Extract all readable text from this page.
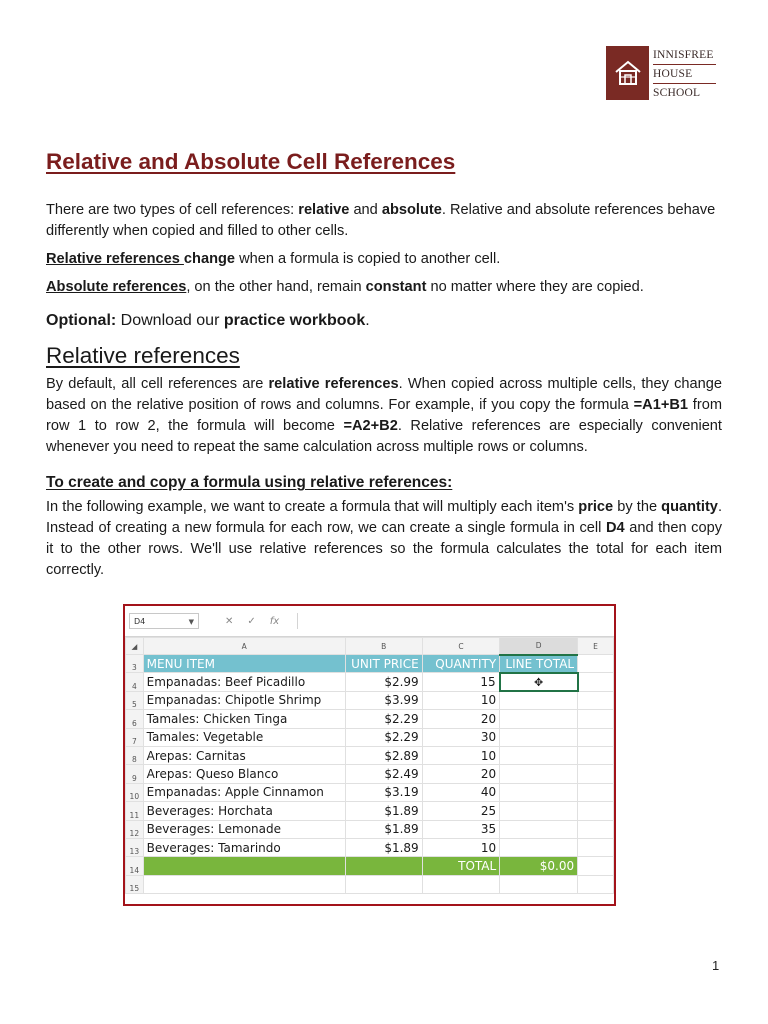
INNISFREE
HOUSE
SCHOOL
Relative and Absolute Cell References

There are two types of cell references: relative and absolute. Relative and absolute references behave differently when copied and filled to other cells.

Relative references change when a formula is copied to another cell.

Absolute references, on the other hand, remain constant no matter where they are copied.

Optional: Download our practice workbook.

Relative references

By default, all cell references are relative references. When copied across multiple cells, they change based on the relative position of rows and columns. For example, if you copy the formula =A1+B1 from row 1 to row 2, the formula will become =A2+B2. Relative references are especially convenient whenever you need to repeat the same calculation across multiple rows or columns.

To create and copy a formula using relative references:

In the following example, we want to create a formula that will multiply each item's price by the quantity. Instead of creating a new formula for each row, we can create a single formula in cell D4 and then copy it to the other rows. We'll use relative references so the formula calculates the total for each item correctly.

D4	▼	✕ ✓ fx
◢	A	B	C	D	E
3	MENU ITEM	UNIT PRICE	QUANTITY	LINE TOTAL	
4	Empanadas: Beef Picadillo	$2.99	15	✥	
5	Empanadas: Chipotle Shrimp	$3.99	10		
6	Tamales: Chicken Tinga	$2.29	20		
7	Tamales: Vegetable	$2.29	30		
8	Arepas: Carnitas	$2.89	10		
9	Arepas: Queso Blanco	$2.49	20		
10	Empanadas: Apple Cinnamon	$3.19	40		
11	Beverages: Horchata	$1.89	25		
12	Beverages: Lemonade	$1.89	35		
13	Beverages: Tamarindo	$1.89	10		
14			TOTAL	$0.00	
15					
1
